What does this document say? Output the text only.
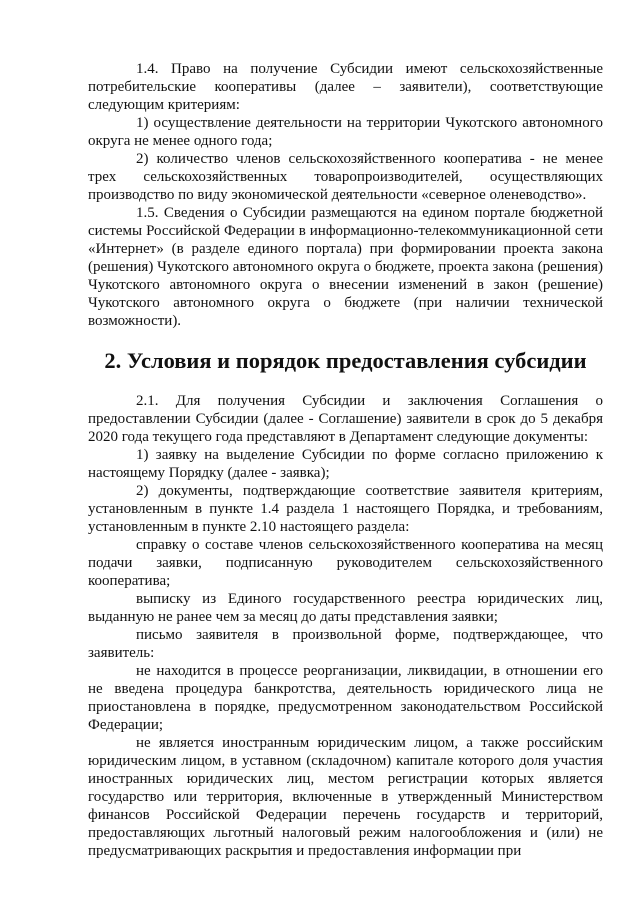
1.4. Право на получение Субсидии имеют сельскохозяйственные потребительские кооперативы (далее – заявители), соответствующие следующим критериям:

1) осуществление деятельности на территории Чукотского автономного округа не менее одного года;

2) количество членов сельскохозяйственного кооператива - не менее трех сельскохозяйственных товаропроизводителей, осуществляющих производство по виду экономической деятельности «северное оленеводство».

1.5. Сведения о Субсидии размещаются на едином портале бюджетной системы Российской Федерации в информационно-телекоммуникационной сети «Интернет» (в разделе единого портала) при формировании проекта закона (решения) Чукотского автономного округа о бюджете, проекта закона (решения) Чукотского автономного округа о внесении изменений в закон (решение) Чукотского автономного округа о бюджете (при наличии технической возможности).

2. Условия и порядок предоставления субсидии

2.1. Для получения Субсидии и заключения Соглашения о предоставлении Субсидии (далее - Соглашение) заявители в срок до 5 декабря 2020 года текущего года представляют в Департамент следующие документы:

1) заявку на выделение Субсидии по форме согласно приложению к настоящему Порядку (далее - заявка);

2) документы, подтверждающие соответствие заявителя критериям, установленным в пункте 1.4 раздела 1 настоящего Порядка, и требованиям, установленным в пункте 2.10 настоящего раздела:

справку о составе членов сельскохозяйственного кооператива на месяц подачи заявки, подписанную руководителем сельскохозяйственного кооператива;

выписку из Единого государственного реестра юридических лиц, выданную не ранее чем за месяц до даты представления заявки;

письмо заявителя в произвольной форме, подтверждающее, что заявитель:

не находится в процессе реорганизации, ликвидации, в отношении его не введена процедура банкротства, деятельность юридического лица не приостановлена в порядке, предусмотренном законодательством Российской Федерации;

не является иностранным юридическим лицом, а также российским юридическим лицом, в уставном (складочном) капитале которого доля участия иностранных юридических лиц, местом регистрации которых является государство или территория, включенные в утвержденный Министерством финансов Российской Федерации перечень государств и территорий, предоставляющих льготный налоговый режим налогообложения и (или) не предусматривающих раскрытия и предоставления информации при
